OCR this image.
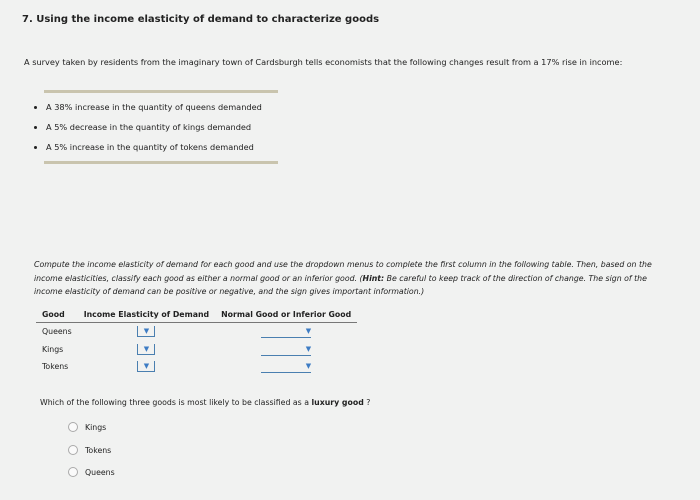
7. Using the income elasticity of demand to characterize goods
A survey taken by residents from the imaginary town of Cardsburgh tells economists that the following changes result from a 17% rise in income:
• A 38% increase in the quantity of queens demanded
• A 5% decrease in the quantity of kings demanded
• A 5% increase in the quantity of tokens demanded
Compute the income elasticity of demand for each good and use the dropdown menus to complete the first column in the following table. Then, based on the income elasticities, classify each good as either a normal good or an inferior good. (Hint: Be careful to keep track of the direction of change. The sign of the income elasticity of demand can be positive or negative, and the sign gives important information.)
Good	Income Elasticity of Demand	Normal Good or Inferior Good
Queens	▼	▼
Kings	▼	▼
Tokens	▼	▼
Which of the following three goods is most likely to be classified as a luxury good ?
Kings
Tokens
Queens
